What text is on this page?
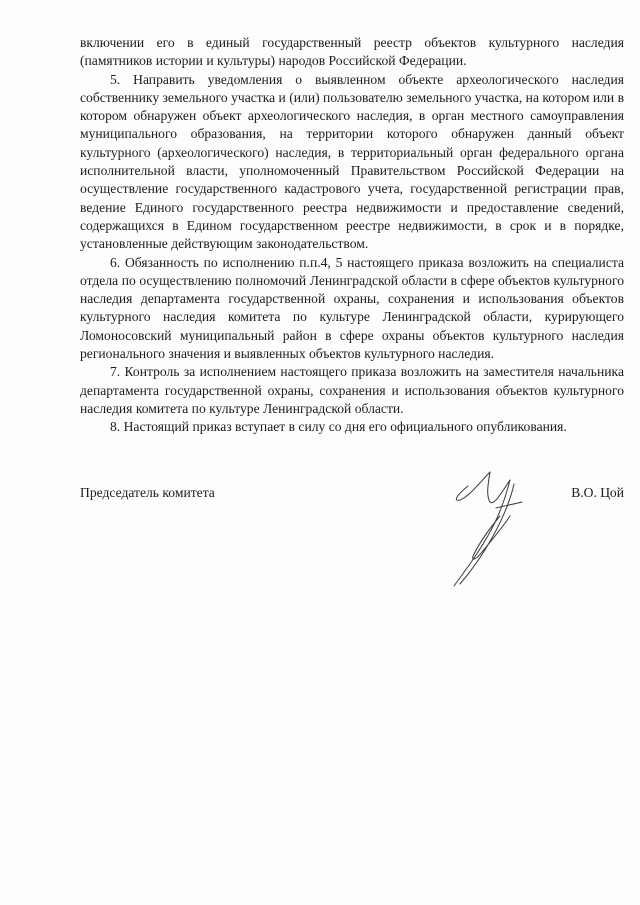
включении его в единый государственный реестр объектов культурного наследия (памятников истории и культуры) народов Российской Федерации.

5. Направить уведомления о выявленном объекте археологического наследия собственнику земельного участка и (или) пользователю земельного участка, на котором или в котором обнаружен объект археологического наследия, в орган местного самоуправления муниципального образования, на территории которого обнаружен данный объект культурного (археологического) наследия, в территориальный орган федерального органа исполнительной власти, уполномоченный Правительством Российской Федерации на осуществление государственного кадастрового учета, государственной регистрации прав, ведение Единого государственного реестра недвижимости и предоставление сведений, содержащихся в Едином государственном реестре недвижимости, в срок и в порядке, установленные действующим законодательством.

6. Обязанность по исполнению п.п.4, 5 настоящего приказа возложить на специалиста отдела по осуществлению полномочий Ленинградской области в сфере объектов культурного наследия департамента государственной охраны, сохранения и использования объектов культурного наследия комитета по культуре Ленинградской области, курирующего Ломоносовский муниципальный район в сфере охраны объектов культурного наследия регионального значения и выявленных объектов культурного наследия.

7. Контроль за исполнением настоящего приказа возложить на заместителя начальника департамента государственной охраны, сохранения и использования объектов культурного наследия комитета по культуре Ленинградской области.

8. Настоящий приказ вступает в силу со дня его официального опубликования.

Председатель комитета	В.О. Цой
